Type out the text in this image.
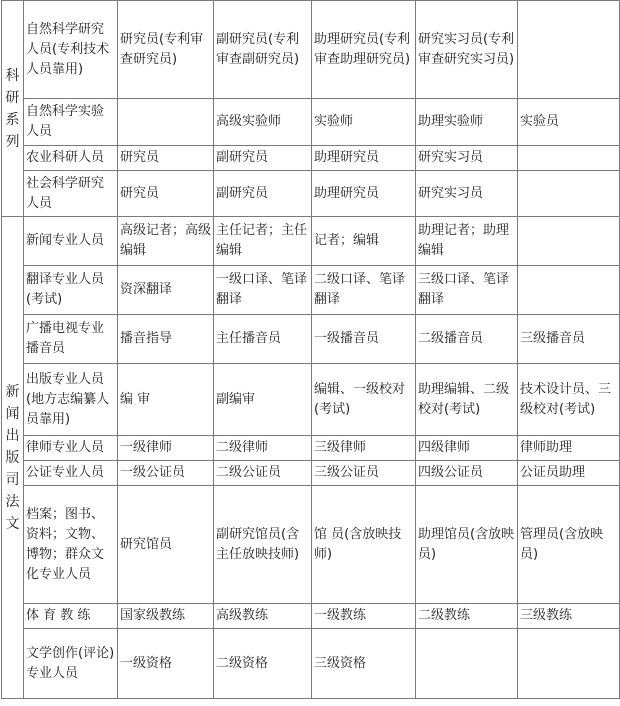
科研系列	自然科学研究人员(专利技术人员靠用)	研究员(专利审查研究员)	副研究员(专利审查副研究员)	助理研究员(专利审查助理研究员)	研究实习员(专利审查研究实习员)	
	自然科学实验人员		高级实验师	实验师	助理实验师	实验员
	农业科研人员	研究员	副研究员	助理研究员	研究实习员	
	社会科学研究人员	研究员	副研究员	助理研究员	研究实习员	
新闻出版司法文	新闻专业人员	高级记者；高级编辑	主任记者；主任编辑	记者；编辑	助理记者；助理编辑	
	翻译专业人员(考试)	资深翻译	一级口译、笔译翻译	二级口译、笔译翻译	三级口译、笔译翻译	
	广播电视专业播音员	播音指导	主任播音员	一级播音员	二级播音员	三级播音员
	出版专业人员(地方志编纂人员靠用)	编 审	副编审	编辑、一级校对(考试)	助理编辑、二级校对(考试)	技术设计员、三级校对(考试)
	律师专业人员	一级律师	二级律师	三级律师	四级律师	律师助理
	公证专业人员	一级公证员	二级公证员	三级公证员	四级公证员	公证员助理
	档案；图书、资料；文物、博物；群众文化专业人员	研究馆员	副研究馆员(含主任放映技师)	馆 员(含放映技师)	助理馆员(含放映员)	管理员(含放映员)
	体 育 教 练	国家级教练	高级教练	一级教练	二级教练	三级教练
	文学创作(评论)专业人员	一级资格	二级资格	三级资格		
